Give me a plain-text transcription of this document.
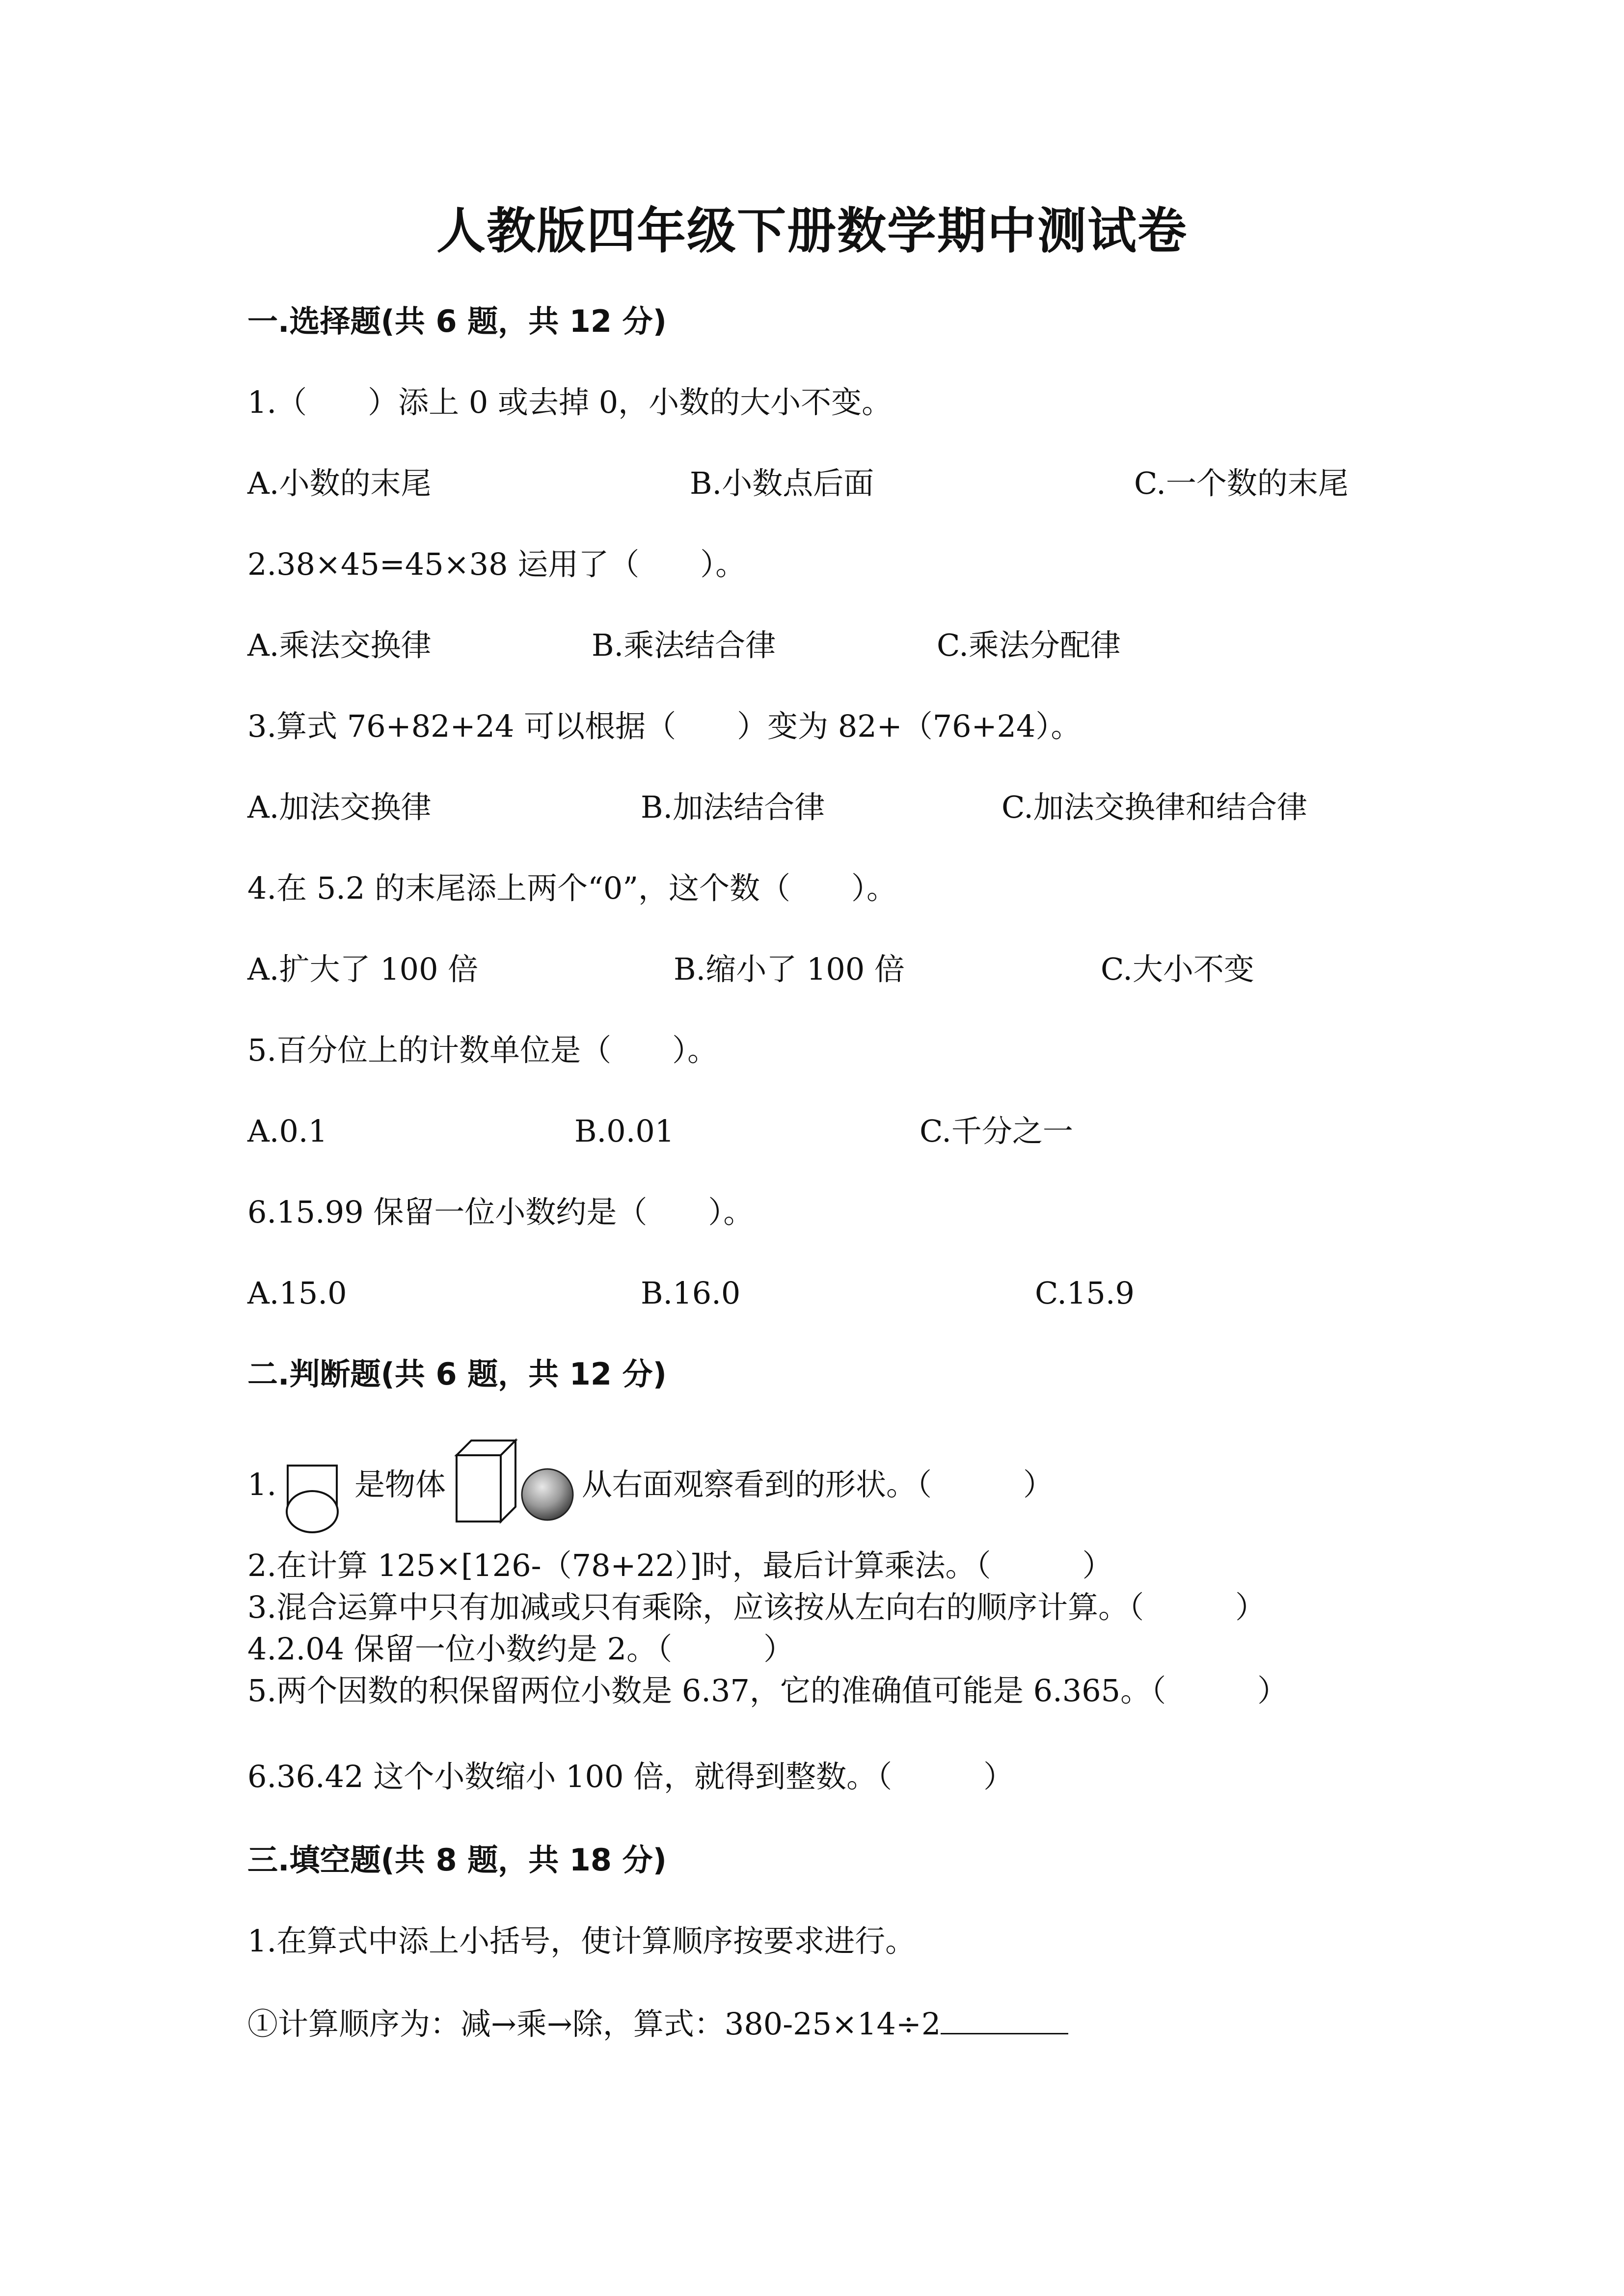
人教版四年级下册数学期中测试卷
一.选择题(共 6 题，共 12 分)
1.（　　）添上 0 或去掉 0，小数的大小不变。
A.小数的末尾	B.小数点后面	C.一个数的末尾
2.38×45=45×38 运用了（　　）。
A.乘法交换律	B.乘法结合律	C.乘法分配律
3.算式 76+82+24 可以根据（　　）变为 82+（76+24）。
A.加法交换律	B.加法结合律	C.加法交换律和结合律
4.在 5.2 的末尾添上两个“0”，这个数（　　）。
A.扩大了 100 倍	B.缩小了 100 倍	C.大小不变
5.百分位上的计数单位是（　　）。
A.0.1	B.0.01	C.千分之一
6.15.99 保留一位小数约是（　　）。
A.15.0	B.16.0	C.15.9
二.判断题(共 6 题，共 12 分)
1.	是物体	从右面观察看到的形状。（　　　）
2.在计算 125×[126-（78+22）]时，最后计算乘法。（　　　）
3.混合运算中只有加减或只有乘除，应该按从左向右的顺序计算。（　　　）
4.2.04 保留一位小数约是 2。（　　　）
5.两个因数的积保留两位小数是 6.37，它的准确值可能是 6.365。（　　　）
6.36.42 这个小数缩小 100 倍，就得到整数。（　　　）
三.填空题(共 8 题，共 18 分)
1.在算式中添上小括号，使计算顺序按要求进行。
①计算顺序为：减→乘→除，算式：380-25×14÷2
